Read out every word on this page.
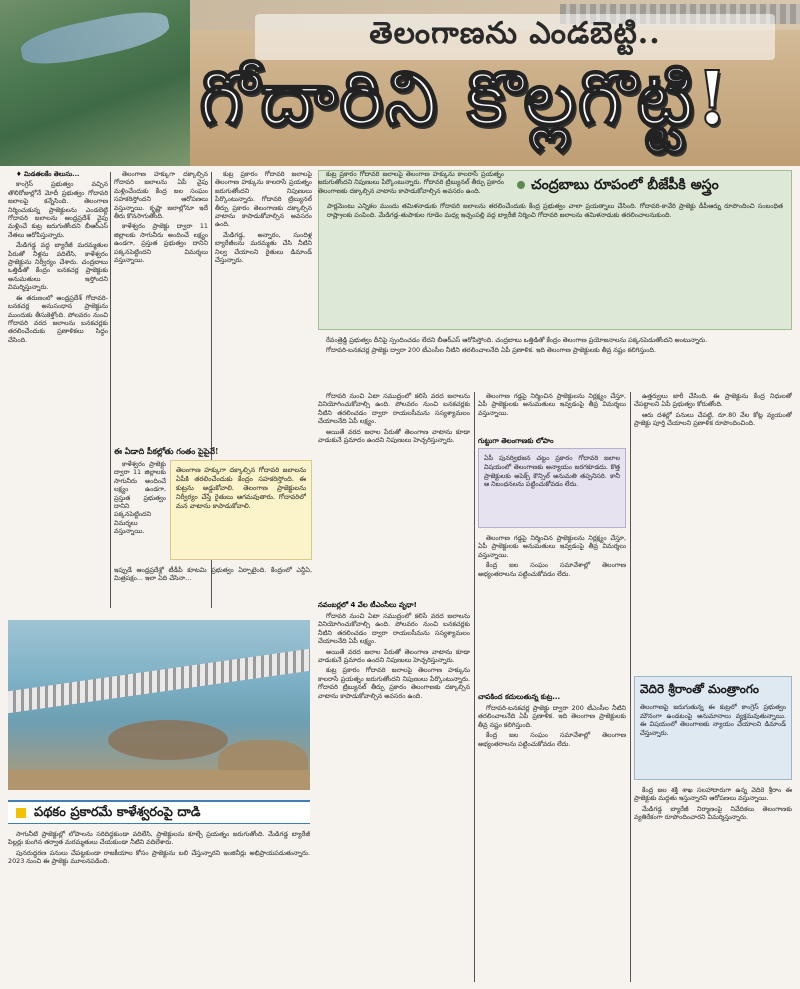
తెలంగాణను ఎండబెట్టి..
గోదారిని కొల్లగొట్టి!

♦ మిడతలకేం తెలుసు...

కాంగ్రెస్ ప్రభుత్వం వచ్చిన తొలిరోజుల్లోనే మోదీ ప్రభుత్వం గోదావరి జలాలపై కన్నేసింది. తెలంగాణ నిర్మించుకున్న ప్రాజెక్టులను ఎండబెట్టి గోదావరి జలాలను ఆంధ్రప్రదేశ్ వైపు మళ్లించే కుట్ర జరుగుతోందని బీఆర్ఎస్ నేతలు ఆరోపిస్తున్నారు.

మేడిగడ్డ వద్ద బ్యారేజీ మరమ్మతుల పేరుతో నీళ్లను వదిలేసి, కాళేశ్వరం ప్రాజెక్టును నిర్వీర్యం చేశారు. చంద్రబాబు ఒత్తిడితో కేంద్రం బనకచర్ల ప్రాజెక్టుకు అనుమతులు ఇస్తోందని విమర్శిస్తున్నారు.

ఈ తరుణంలో ఆంధ్రప్రదేశ్ గోదావరి-బనకచర్ల అనుసంధాన ప్రాజెక్టును ముందుకు తీసుకెళ్తోంది. పోలవరం నుంచి గోదావరి వరద జలాలను బనకచర్లకు తరలించేందుకు ప్రణాళికలు సిద్ధం చేసింది.

తెలంగాణ హక్కుగా దక్కాల్సిన గోదావరి జలాలను ఏపీ వైపు మళ్లించేందుకు కేంద్ర జల సంఘం సహకరిస్తోందని ఆరోపణలు వస్తున్నాయి. కృష్ణా జలాల్లోనూ ఇదే తీరు కొనసాగుతోంది.

కాళేశ్వరం ప్రాజెక్టు ద్వారా 11 జిల్లాలకు సాగునీరు అందించే లక్ష్యం ఉండగా, ప్రస్తుత ప్రభుత్వం దానిని పక్కనపెట్టిందని విమర్శలు వస్తున్నాయి.

కుట్ర ప్రకారం గోదావరి జలాలపై తెలంగాణ హక్కును కాలరాసే ప్రయత్నం జరుగుతోందని నిపుణులు పేర్కొంటున్నారు. గోదావరి ట్రిబ్యునల్ తీర్పు ప్రకారం తెలంగాణకు దక్కాల్సిన వాటాను కాపాడుకోవాల్సిన అవసరం ఉంది.

మేడిగడ్డ, అన్నారం, సుందిళ్ల బ్యారేజీలను మరమ్మతు చేసి నీటిని నిల్వ చేయాలని రైతులు డిమాండ్ చేస్తున్నారు.

ఈ ఏడాది పీకల్లోతు గంతం పైపైనే!
తెలంగాణ హక్కుగా దక్కాల్సిన గోదావరి జలాలను ఏపీకి తరలించేందుకు కేంద్రం సహకరిస్తోంది. ఈ కుట్రను అడ్డుకోవాలి. తెలంగాణ ప్రాజెక్టులను నిర్వీర్యం చేస్తే రైతులు ఆగమవుతారు. గోదావరిలో మన వాటాను కాపాడుకోవాలి.

కాళేశ్వరం ప్రాజెక్టు ద్వారా 11 జిల్లాలకు సాగునీరు అందించే లక్ష్యం ఉండగా, ప్రస్తుత ప్రభుత్వం దానిని పక్కనపెట్టిందని విమర్శలు వస్తున్నాయి.

ఇప్పుడే ఆంధ్రప్రదేశ్లో టీడీపీ కూటమి ప్రభుత్వం ఏర్పాటైంది. కేంద్రంలో ఎన్డీఏ, మిత్రపక్షం... ఇలా ఏది చేసినా...
చంద్రబాబు రూపంలో బీజేపీకి అస్త్రం
పార్లమెంటు ఎన్నికల ముందు తమిళనాడుకు గోదావరి జలాలను తరలించేందుకు కేంద్ర ప్రభుత్వం చాలా ప్రయత్నాలు చేసింది. గోదావరి-కావేరి ప్రాజెక్టు డీపీఆర్ను రూపొందించి సంబంధిత రాష్ట్రాలకు పంపింది. మేడిగడ్డ-తుపాకుల గూడెం మధ్య ఇచ్చంపల్లి వద్ద బ్యారేజీ నిర్మించి గోదావరి జలాలను తమిళనాడుకు తరలించాలనుకుంది.

కుట్ర ప్రకారం గోదావరి జలాలపై తెలంగాణ హక్కును కాలరాసే ప్రయత్నం జరుగుతోందని నిపుణులు పేర్కొంటున్నారు. గోదావరి ట్రిబ్యునల్ తీర్పు ప్రకారం తెలంగాణకు దక్కాల్సిన వాటాను కాపాడుకోవాల్సిన అవసరం ఉంది.

రేవంత్రెడ్డి ప్రభుత్వం దీనిపై స్పందించడం లేదని బీఆర్ఎస్ ఆరోపిస్తోంది. చంద్రబాబు ఒత్తిడితో కేంద్రం తెలంగాణ ప్రయోజనాలను పక్కనపెడుతోందని అంటున్నారు.

గోదావరి-బనకచర్ల ప్రాజెక్టు ద్వారా 200 టీఎంసీల నీటిని తరలించాలనేది ఏపీ ప్రణాళిక. ఇది తెలంగాణ ప్రాజెక్టులకు తీవ్ర నష్టం కలిగిస్తుంది.

గోదావరి నుంచి ఏటా సముద్రంలో కలిసే వరద జలాలను వినియోగించుకోవాల్సి ఉంది. పోలవరం నుంచి బనకచర్లకు నీటిని తరలించడం ద్వారా రాయలసీమను సస్యశ్యామలం చేయాలనేది ఏపీ లక్ష్యం.

అయితే వరద జలాల పేరుతో తెలంగాణ వాటాను కూడా వాడుకునే ప్రమాదం ఉందని నిపుణులు హెచ్చరిస్తున్నారు.

తెలంగాణ గడ్డపై నిర్మించిన ప్రాజెక్టులను నిర్లక్ష్యం చేస్తూ, ఏపీ ప్రాజెక్టులకు అనుమతులు ఇవ్వడంపై తీవ్ర విమర్శలు వస్తున్నాయి.

గుట్టుగా తెలంగాణకు లోపాం
ఏపీ పునర్విభజన చట్టం ప్రకారం గోదావరి జలాల విషయంలో తెలంగాణకు అన్యాయం జరగకూడదు. కొత్త ప్రాజెక్టులకు అపెక్స్ కౌన్సిల్ అనుమతి తప్పనిసరి. కానీ ఆ నిబంధనలను పట్టించుకోవడం లేదు.

తెలంగాణ గడ్డపై నిర్మించిన ప్రాజెక్టులను నిర్లక్ష్యం చేస్తూ, ఏపీ ప్రాజెక్టులకు అనుమతులు ఇవ్వడంపై తీవ్ర విమర్శలు వస్తున్నాయి.

కేంద్ర జల సంఘం సమావేశాల్లో తెలంగాణ అభ్యంతరాలను పట్టించుకోవడం లేదు.

ఉత్తర్వులు జారీ చేసింది. ఈ ప్రాజెక్టును కేంద్ర నిధులతో చేపట్టాలని ఏపీ ప్రభుత్వం కోరుతోంది.

ఆరు దశల్లో పనులు చేపట్టి, రూ.80 వేల కోట్ల వ్యయంతో ప్రాజెక్టు పూర్తి చేయాలని ప్రణాళిక రూపొందించింది.

వెదిరె శ్రీరాంతో మంత్రాంగం
తెలంగాణపై జరుగుతున్న ఈ కుట్రలో కాంగ్రెస్ ప్రభుత్వం మౌనంగా ఉండటంపై అనుమానాలు వ్యక్తమవుతున్నాయి. ఈ విషయంలో తెలంగాణకు న్యాయం చేయాలని డిమాండ్ చేస్తున్నారు.

కేంద్ర జల శక్తి శాఖ సలహాదారుగా ఉన్న వెదిరె శ్రీరాం ఈ ప్రాజెక్టుకు మద్దతు ఇస్తున్నారని ఆరోపణలు వస్తున్నాయి.

మేడిగడ్డ బ్యారేజీ నిర్మాణంపై నివేదికలు తెలంగాణకు వ్యతిరేకంగా రూపొందించారని విమర్శిస్తున్నారు.

నవంబర్లలో 4 వేల టీఎంసీలు వృధా!

గోదావరి నుంచి ఏటా సముద్రంలో కలిసే వరద జలాలను వినియోగించుకోవాల్సి ఉంది. పోలవరం నుంచి బనకచర్లకు నీటిని తరలించడం ద్వారా రాయలసీమను సస్యశ్యామలం చేయాలనేది ఏపీ లక్ష్యం.

అయితే వరద జలాల పేరుతో తెలంగాణ వాటాను కూడా వాడుకునే ప్రమాదం ఉందని నిపుణులు హెచ్చరిస్తున్నారు.

కుట్ర ప్రకారం గోదావరి జలాలపై తెలంగాణ హక్కును కాలరాసే ప్రయత్నం జరుగుతోందని నిపుణులు పేర్కొంటున్నారు. గోదావరి ట్రిబ్యునల్ తీర్పు ప్రకారం తెలంగాణకు దక్కాల్సిన వాటాను కాపాడుకోవాల్సిన అవసరం ఉంది.	చాపకింద కదులుతున్న కుట్ర...

గోదావరి-బనకచర్ల ప్రాజెక్టు ద్వారా 200 టీఎంసీల నీటిని తరలించాలనేది ఏపీ ప్రణాళిక. ఇది తెలంగాణ ప్రాజెక్టులకు తీవ్ర నష్టం కలిగిస్తుంది.

కేంద్ర జల సంఘం సమావేశాల్లో తెలంగాణ అభ్యంతరాలను పట్టించుకోవడం లేదు.

పథకం ప్రకారమే కాళేశ్వరంపై దాడి

సాగునీటి ప్రాజెక్టుల్లో లోపాలను సరిదిద్దకుండా వదిలేసి, ప్రాజెక్టులను కూల్చే ప్రయత్నం జరుగుతోంది. మేడిగడ్డ బ్యారేజీ పిల్లర్లు కుంగిన తర్వాత మరమ్మతులు చేయకుండా నీటిని వదిలేశారు.

పునరుద్ధరణ పనులు చేపట్టకుండా రాజకీయాల కోసం ప్రాజెక్టును బలి చేస్తున్నారని ఇంజినీర్లు అభిప్రాయపడుతున్నారు. 2023 నుంచి ఈ ప్రాజెక్టు మూలనపడింది.
